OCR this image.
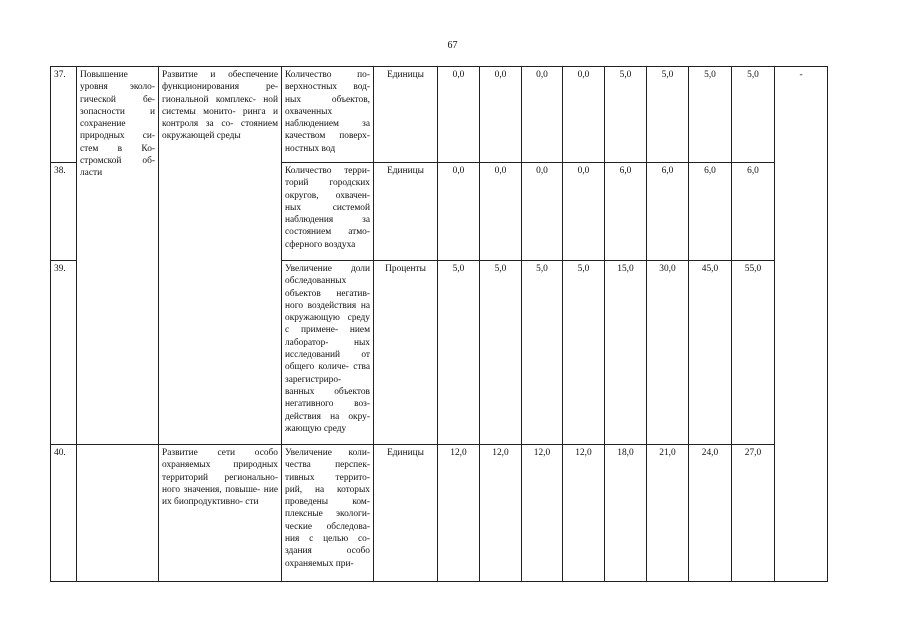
67
37.	Повышение уровня эколо- гической бе- зопасности и сохранение природных си- стем в Ко- стромской об- ласти	Развитие и обеспечение функционирования ре- гиональной комплекс- ной системы монито- ринга и контроля за со- стоянием окружающей среды	Количество по- верхностных вод- ных объектов, охваченных наблюдением за качеством поверх- ностных вод	Единицы	0,0	0,0	0,0	0,0	5,0	5,0	5,0	5,0	-
38.			Количество терри- торий городских округов, охвачен- ных системой наблюдения за состоянием атмо- сферного воздуха	Единицы	0,0	0,0	0,0	0,0	6,0	6,0	6,0	6,0	
39.			Увеличение доли обследованных объектов негатив- ного воздействия на окружающую среду с примене- нием лаборатор- ных исследований от общего количе- ства зарегистриро- ванных объектов негативного воз- действия на окру- жающую среду	Проценты	5,0	5,0	5,0	5,0	15,0	30,0	45,0	55,0	
40.		Развитие сети особо охраняемых природных территорий регионально- ного значения, повыше- ние их биопродуктивно- сти	Увеличение коли- чества перспек- тивных террито- рий, на которых проведены ком- плексные экологи- ческие обследова- ния с целью со- здания особо охраняемых при-	Единицы	12,0	12,0	12,0	12,0	18,0	21,0	24,0	27,0	
